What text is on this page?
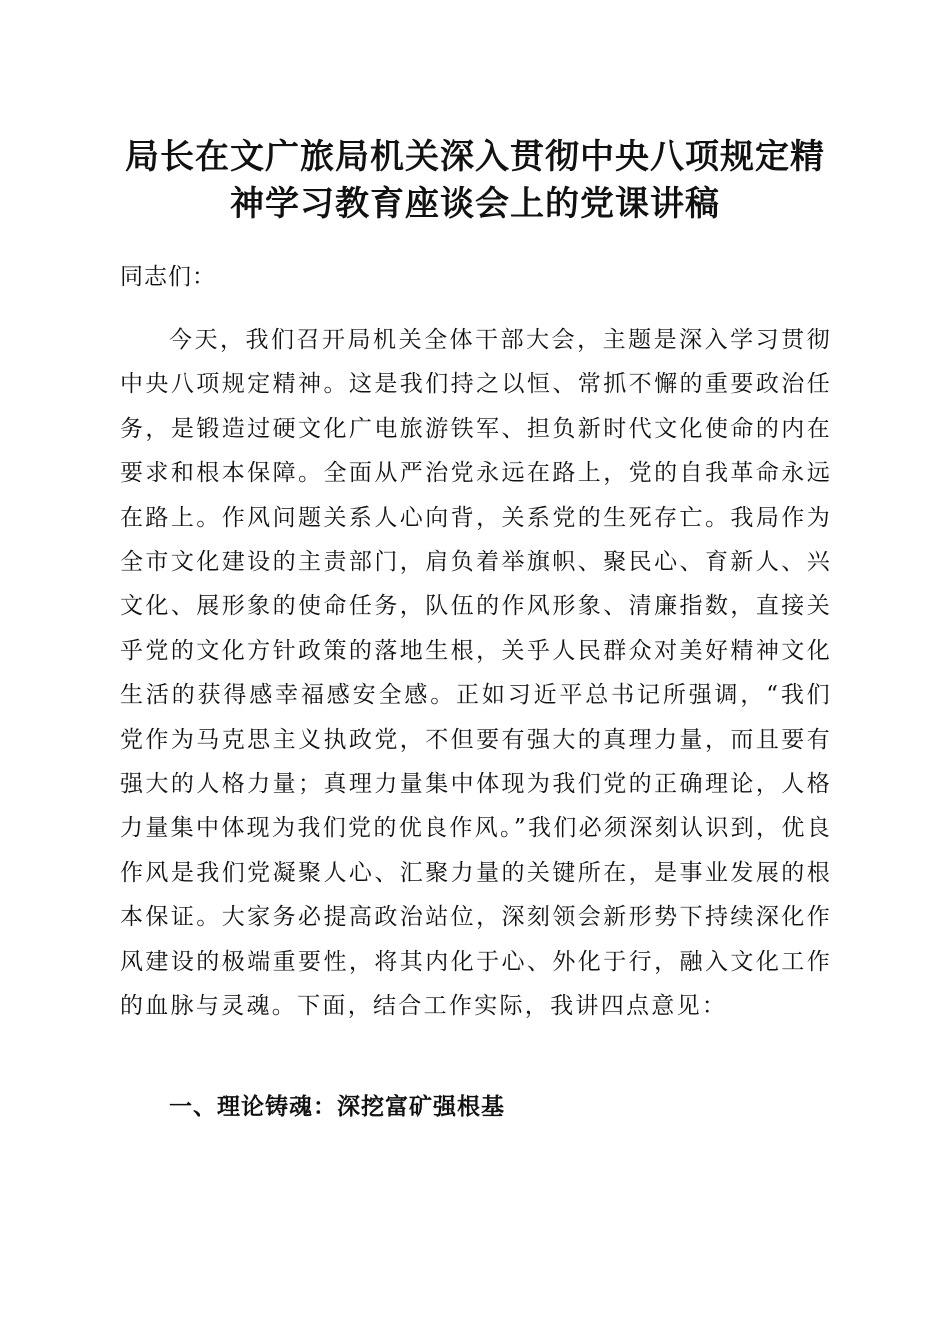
局长在文广旅局机关深入贯彻中央八项规定精神学习教育座谈会上的党课讲稿

同志们：

今天，我们召开局机关全体干部大会，主题是深入学习贯彻中央八项规定精神。这是我们持之以恒、常抓不懈的重要政治任务，是锻造过硬文化广电旅游铁军、担负新时代文化使命的内在要求和根本保障。全面从严治党永远在路上，党的自我革命永远在路上。作风问题关系人心向背，关系党的生死存亡。我局作为全市文化建设的主责部门，肩负着举旗帜、聚民心、育新人、兴文化、展形象的使命任务，队伍的作风形象、清廉指数，直接关乎党的文化方针政策的落地生根，关乎人民群众对美好精神文化生活的获得感幸福感安全感。正如习近平总书记所强调，“我们党作为马克思主义执政党，不但要有强大的真理力量，而且要有强大的人格力量；真理力量集中体现为我们党的正确理论，人格力量集中体现为我们党的优良作风。”我们必须深刻认识到，优良作风是我们党凝聚人心、汇聚力量的关键所在，是事业发展的根本保证。大家务必提高政治站位，深刻领会新形势下持续深化作风建设的极端重要性，将其内化于心、外化于行，融入文化工作的血脉与灵魂。下面，结合工作实际，我讲四点意见：

一、理论铸魂：深挖富矿强根基
